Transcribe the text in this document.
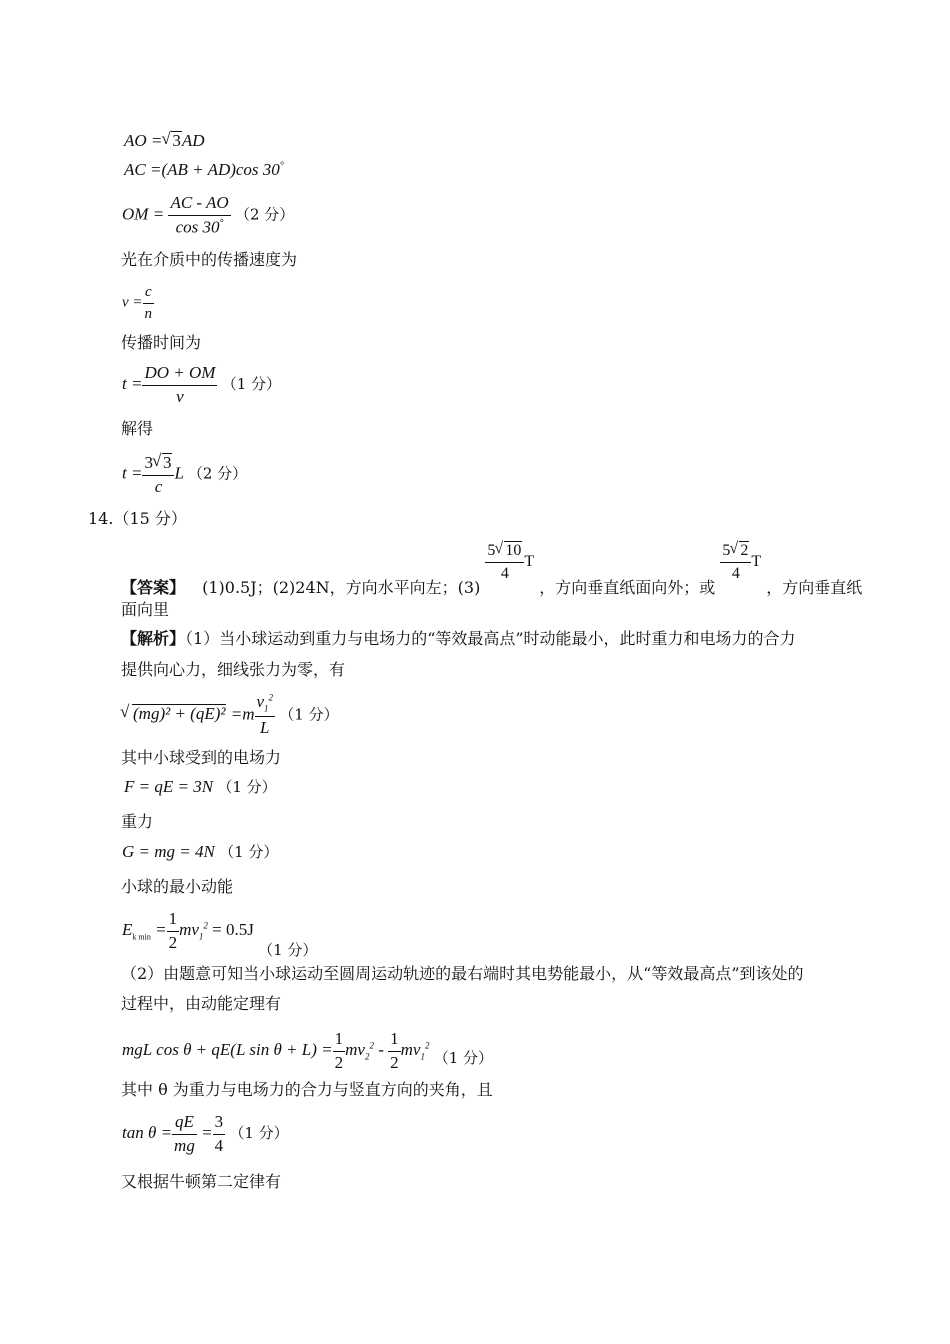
AO = √ 3AD
AC =(AB + AD)cos 30°
OM = $\frac{AC - AO}{\cos 30^\circ} (2$ 分）
光在介质中的传播速度为
$v = \frac{c}{n}$
传播时间为
$t = \frac{DO + OM}{v} (1$ 分）
解得
$t = \frac{3 √ 3}{c}$ L （2 分）
14.（15 分）
【答案】 (1)0.5J；(2)24N，方向水平向左；(3)
$\frac{5 √ 10}{4}$ T ，方向垂直纸面向外；或
$\frac{5 √ 2}{4}$ T ，方向垂直纸
面向里
【解析】（1）当小球运动到重力与电场力的“等效最高点”时动能最小，此时重力和电场力的合力
提供向心力，细线张力为零，有
√ $(mg)^2 + (qE)^2 =m \frac{v_1^2}{L} (1$ 分）
其中小球受到的电场力
F = qE = 3N （1 分）
重力
G = mg = 4N （1 分）
小球的最小动能
$E_{k min} = \frac{1}{2} mv_1^2 = 0.5J$ （1 分）
（2）由题意可知当小球运动至圆周运动轨迹的最右端时其电势能最小，从“等效最高点”到该处的
过程中，由动能定理有
mgL cos θ + qE(L $\sin \theta + L) = \frac{1}{2} mv_2^2 - \frac{1}{2} mv_1^2$ （1 分）
其中 θ 为重力与电场力的合力与竖直方向的夹角，且
$\tan \theta = \frac{qE}{mg} = \frac{3}{4} (1$ 分）
又根据牛顿第二定律有
